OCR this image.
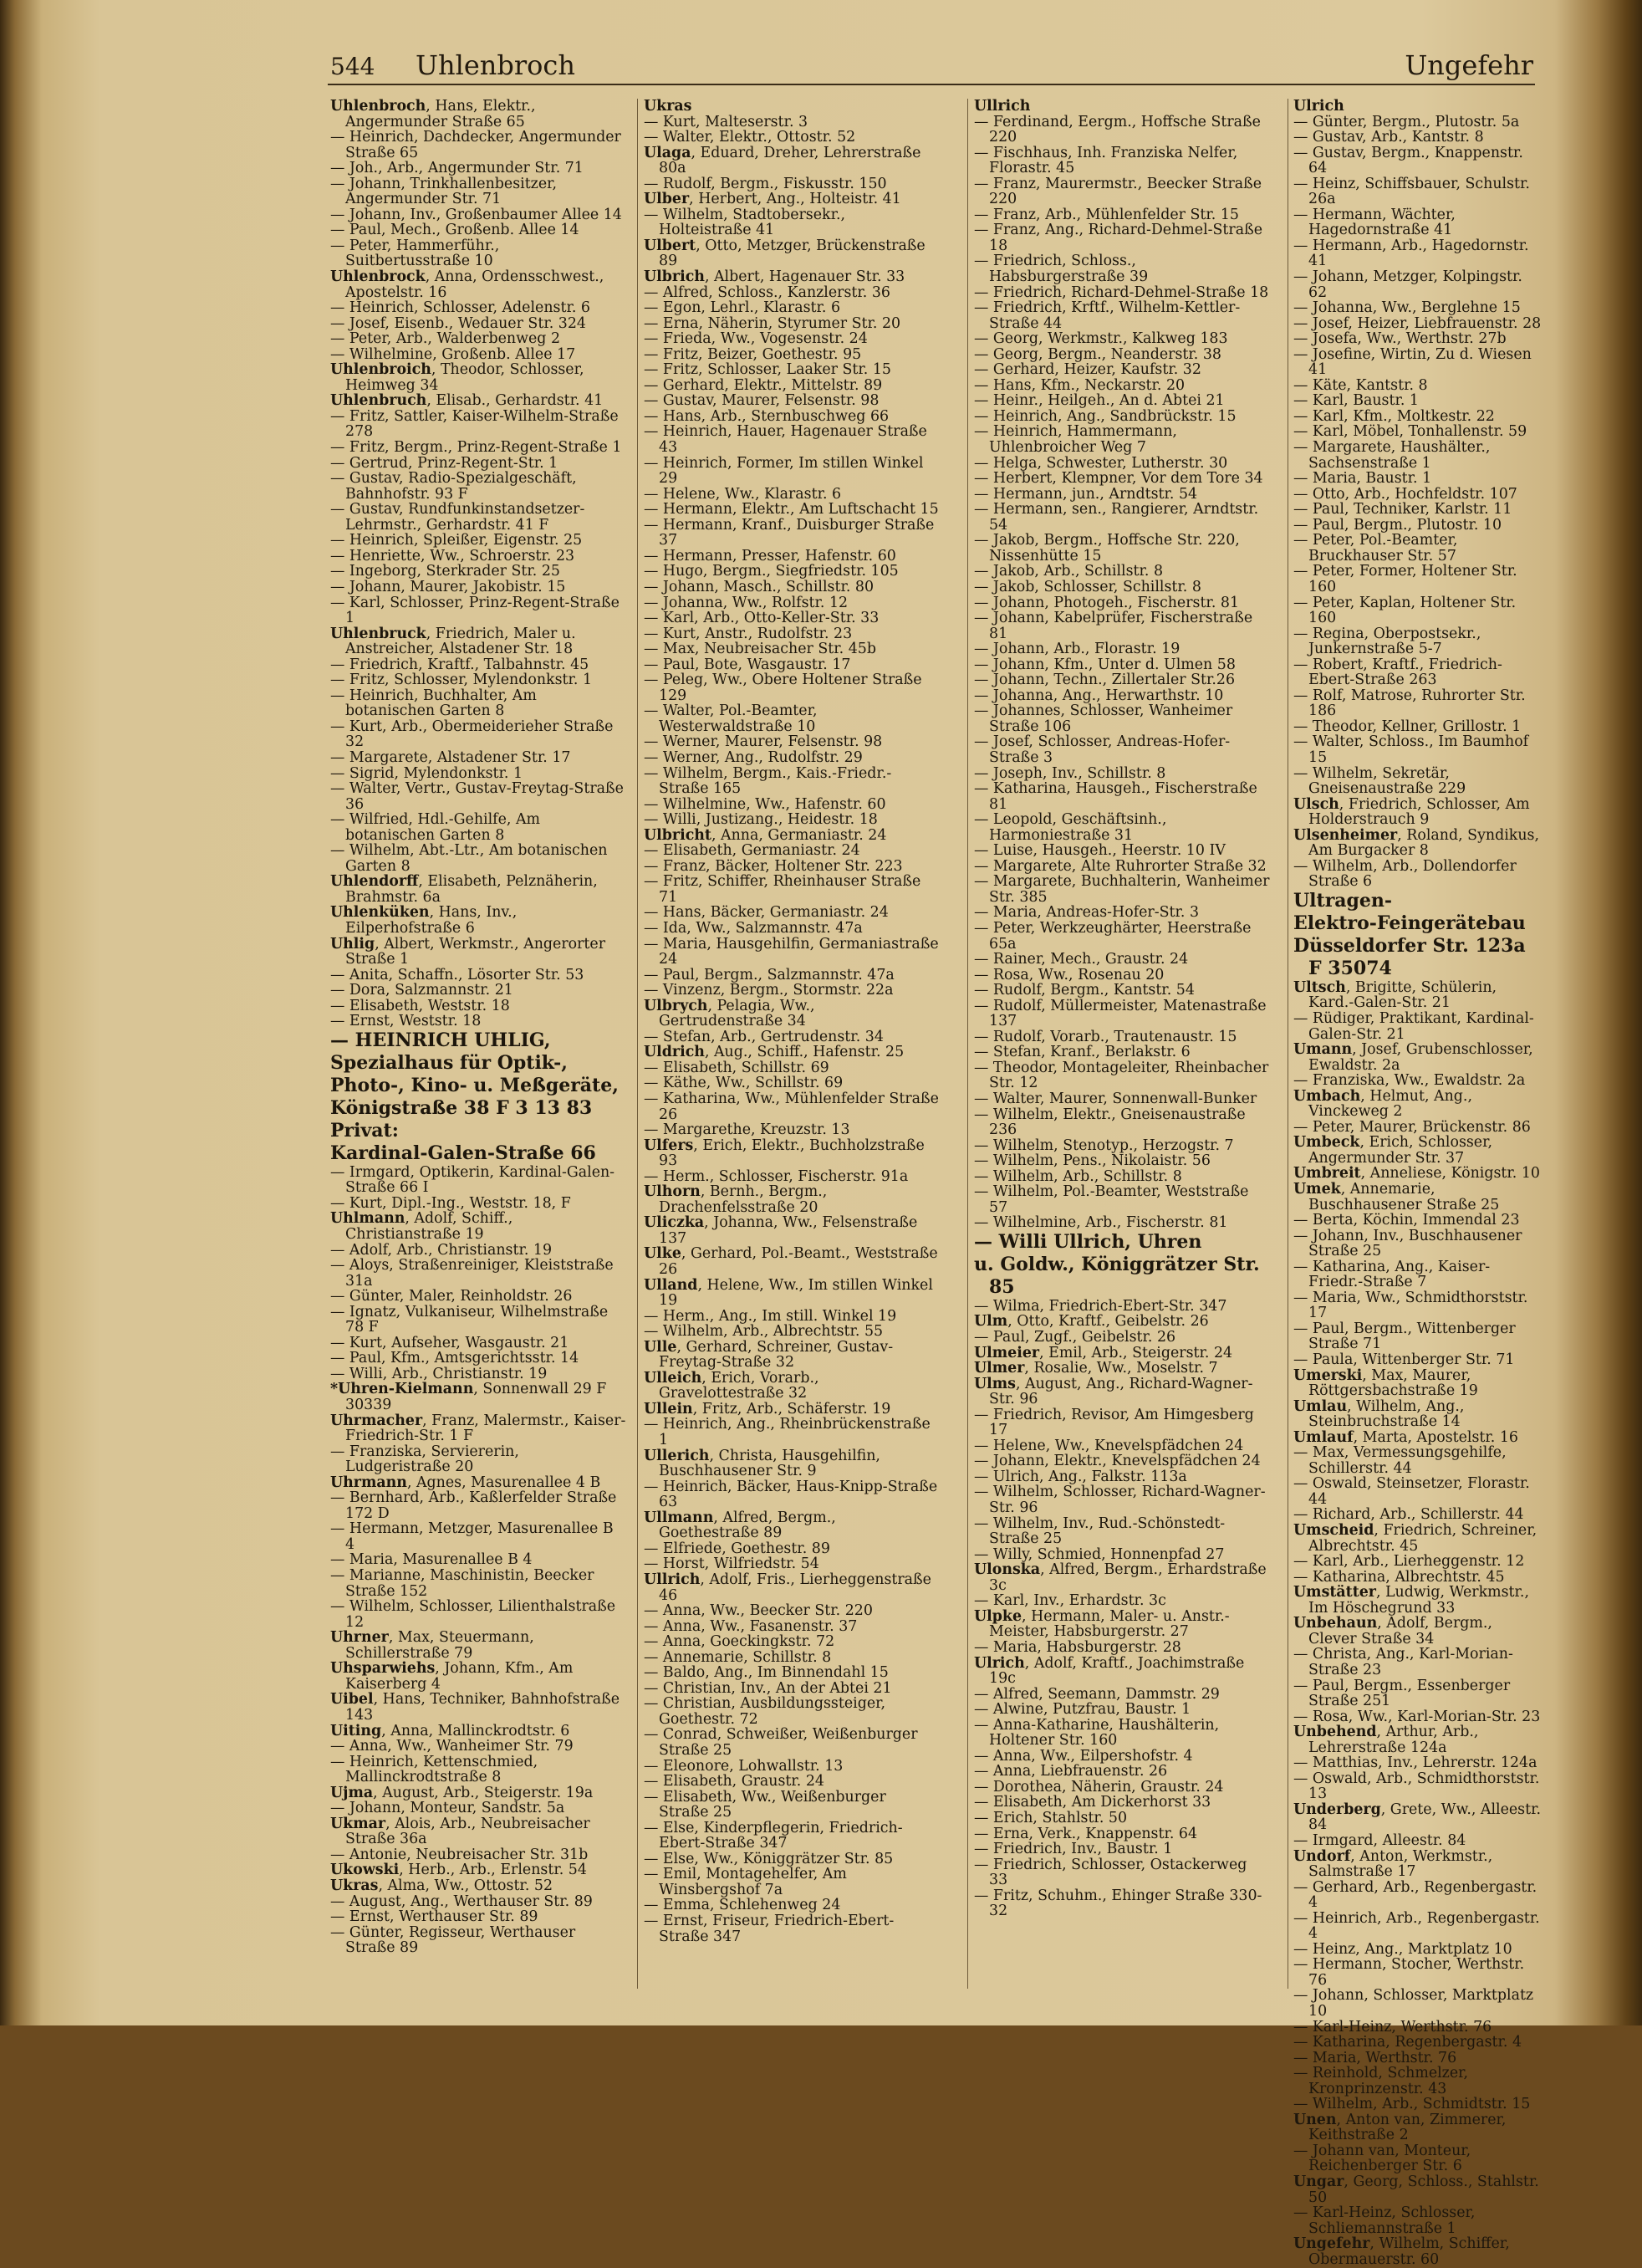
544 Uhlenbroch	Ungefehr

Uhlenbroch, Hans, Elektr., Angermunder Straße 65

— Heinrich, Dachdecker, Angermunder Straße 65

— Joh., Arb., Angermunder Str. 71

— Johann, Trinkhallenbesitzer, Angermunder Str. 71

— Johann, Inv., Großenbaumer Allee 14

— Paul, Mech., Großenb. Allee 14

— Peter, Hammerführ., Suitbertusstraße 10

Uhlenbrock, Anna, Ordensschwest., Apostelstr. 16

— Heinrich, Schlosser, Adelenstr. 6

— Josef, Eisenb., Wedauer Str. 324

— Peter, Arb., Walderbenweg 2

— Wilhelmine, Großenb. Allee 17

Uhlenbroich, Theodor, Schlosser, Heimweg 34

Uhlenbruch, Elisab., Gerhardstr. 41

— Fritz, Sattler, Kaiser-Wilhelm-Straße 278

— Fritz, Bergm., Prinz-Regent-Straße 1

— Gertrud, Prinz-Regent-Str. 1

— Gustav, Radio-Spezialgeschäft, Bahnhofstr. 93 F

— Gustav, Rundfunkinstandsetzer-Lehrmstr., Gerhardstr. 41 F

— Heinrich, Spleißer, Eigenstr. 25

— Henriette, Ww., Schroerstr. 23

— Ingeborg, Sterkrader Str. 25

— Johann, Maurer, Jakobistr. 15

— Karl, Schlosser, Prinz-Regent-Straße 1

Uhlenbruck, Friedrich, Maler u. Anstreicher, Alstadener Str. 18

— Friedrich, Kraftf., Talbahnstr. 45

— Fritz, Schlosser, Mylendonkstr. 1

— Heinrich, Buchhalter, Am botanischen Garten 8

— Kurt, Arb., Obermeiderieher Straße 32

— Margarete, Alstadener Str. 17

— Sigrid, Mylendonkstr. 1

— Walter, Vertr., Gustav-Freytag-Straße 36

— Wilfried, Hdl.-Gehilfe, Am botanischen Garten 8

— Wilhelm, Abt.-Ltr., Am botanischen Garten 8

Uhlendorff, Elisabeth, Pelznäherin, Brahmstr. 6a

Uhlenküken, Hans, Inv., Eilperhofstraße 6

Uhlig, Albert, Werkmstr., Angerorter Straße 1

— Anita, Schaffn., Lösorter Str. 53

— Dora, Salzmannstr. 21

— Elisabeth, Weststr. 18

— Ernst, Weststr. 18

— HEINRICH UHLIG,

Spezialhaus für Optik-,

Photo-, Kino- u. Meßgeräte,

Königstraße 38 F 3 13 83

Privat:

Kardinal-Galen-Straße 66

— Irmgard, Optikerin, Kardinal-Galen-Straße 66 I

— Kurt, Dipl.-Ing., Weststr. 18, F

Uhlmann, Adolf, Schiff., Christianstraße 19

— Adolf, Arb., Christianstr. 19

— Aloys, Straßenreiniger, Kleiststraße 31a

— Günter, Maler, Reinholdstr. 26

— Ignatz, Vulkaniseur, Wilhelmstraße 78 F

— Kurt, Aufseher, Wasgaustr. 21

— Paul, Kfm., Amtsgerichtsstr. 14

— Willi, Arb., Christianstr. 19

*Uhren-Kielmann, Sonnenwall 29 F 30339

Uhrmacher, Franz, Malermstr., Kaiser-Friedrich-Str. 1 F

— Franziska, Serviererin, Ludgeristraße 20

Uhrmann, Agnes, Masurenallee 4 B

— Bernhard, Arb., Kaßlerfelder Straße 172 D

— Hermann, Metzger, Masurenallee B 4

— Maria, Masurenallee B 4

— Marianne, Maschinistin, Beecker Straße 152

— Wilhelm, Schlosser, Lilienthalstraße 12

Uhrner, Max, Steuermann, Schillerstraße 79

Uhsparwiehs, Johann, Kfm., Am Kaiserberg 4

Uibel, Hans, Techniker, Bahnhofstraße 143

Uiting, Anna, Mallinckrodtstr. 6

— Anna, Ww., Wanheimer Str. 79

— Heinrich, Kettenschmied, Mallinckrodtstraße 8

Ujma, August, Arb., Steigerstr. 19a

— Johann, Monteur, Sandstr. 5a

Ukmar, Alois, Arb., Neubreisacher Straße 36a

— Antonie, Neubreisacher Str. 31b

Ukowski, Herb., Arb., Erlenstr. 54

Ukras, Alma, Ww., Ottostr. 52

— August, Ang., Werthauser Str. 89

— Ernst, Werthauser Str. 89

— Günter, Regisseur, Werthauser Straße 89

Ukras

— Kurt, Malteserstr. 3

— Walter, Elektr., Ottostr. 52

Ulaga, Eduard, Dreher, Lehrerstraße 80a

— Rudolf, Bergm., Fiskusstr. 150

Ulber, Herbert, Ang., Holteistr. 41

— Wilhelm, Stadtobersekr., Holteistraße 41

Ulbert, Otto, Metzger, Brückenstraße 89

Ulbrich, Albert, Hagenauer Str. 33

— Alfred, Schloss., Kanzlerstr. 36

— Egon, Lehrl., Klarastr. 6

— Erna, Näherin, Styrumer Str. 20

— Frieda, Ww., Vogesenstr. 24

— Fritz, Beizer, Goethestr. 95

— Fritz, Schlosser, Laaker Str. 15

— Gerhard, Elektr., Mittelstr. 89

— Gustav, Maurer, Felsenstr. 98

— Hans, Arb., Sternbuschweg 66

— Heinrich, Hauer, Hagenauer Straße 43

— Heinrich, Former, Im stillen Winkel 29

— Helene, Ww., Klarastr. 6

— Hermann, Elektr., Am Luftschacht 15

— Hermann, Kranf., Duisburger Straße 37

— Hermann, Presser, Hafenstr. 60

— Hugo, Bergm., Siegfriedstr. 105

— Johann, Masch., Schillstr. 80

— Johanna, Ww., Rolfstr. 12

— Karl, Arb., Otto-Keller-Str. 33

— Kurt, Anstr., Rudolfstr. 23

— Max, Neubreisacher Str. 45b

— Paul, Bote, Wasgaustr. 17

— Peleg, Ww., Obere Holtener Straße 129

— Walter, Pol.-Beamter, Westerwaldstraße 10

— Werner, Maurer, Felsenstr. 98

— Werner, Ang., Rudolfstr. 29

— Wilhelm, Bergm., Kais.-Friedr.-Straße 165

— Wilhelmine, Ww., Hafenstr. 60

— Willi, Justizang., Heidestr. 18

Ulbricht, Anna, Germaniastr. 24

— Elisabeth, Germaniastr. 24

— Franz, Bäcker, Holtener Str. 223

— Fritz, Schiffer, Rheinhauser Straße 71

— Hans, Bäcker, Germaniastr. 24

— Ida, Ww., Salzmannstr. 47a

— Maria, Hausgehilfin, Germaniastraße 24

— Paul, Bergm., Salzmannstr. 47a

— Vinzenz, Bergm., Stormstr. 22a

Ulbrych, Pelagia, Ww., Gertrudenstraße 34

— Stefan, Arb., Gertrudenstr. 34

Uldrich, Aug., Schiff., Hafenstr. 25

— Elisabeth, Schillstr. 69

— Käthe, Ww., Schillstr. 69

— Katharina, Ww., Mühlenfelder Straße 26

— Margarethe, Kreuzstr. 13

Ulfers, Erich, Elektr., Buchholzstraße 93

— Herm., Schlosser, Fischerstr. 91a

Ulhorn, Bernh., Bergm., Drachenfelsstraße 20

Uliczka, Johanna, Ww., Felsenstraße 137

Ulke, Gerhard, Pol.-Beamt., Weststraße 26

Ulland, Helene, Ww., Im stillen Winkel 19

— Herm., Ang., Im still. Winkel 19

— Wilhelm, Arb., Albrechtstr. 55

Ulle, Gerhard, Schreiner, Gustav-Freytag-Straße 32

Ulleich, Erich, Vorarb., Gravelottestraße 32

Ullein, Fritz, Arb., Schäferstr. 19

— Heinrich, Ang., Rheinbrückenstraße 1

Ullerich, Christa, Hausgehilfin, Buschhausener Str. 9

— Heinrich, Bäcker, Haus-Knipp-Straße 63

Ullmann, Alfred, Bergm., Goethestraße 89

— Elfriede, Goethestr. 89

— Horst, Wilfriedstr. 54

Ullrich, Adolf, Fris., Lierheggenstraße 46

— Anna, Ww., Beecker Str. 220

— Anna, Ww., Fasanenstr. 37

— Anna, Goeckingkstr. 72

— Annemarie, Schillstr. 8

— Baldo, Ang., Im Binnendahl 15

— Christian, Inv., An der Abtei 21

— Christian, Ausbildungssteiger, Goethestr. 72

— Conrad, Schweißer, Weißenburger Straße 25

— Eleonore, Lohwallstr. 13

— Elisabeth, Graustr. 24

— Elisabeth, Ww., Weißenburger Straße 25

— Else, Kinderpflegerin, Friedrich-Ebert-Straße 347

— Else, Ww., Königgrätzer Str. 85

— Emil, Montagehelfer, Am Winsbergshof 7a

— Emma, Schlehenweg 24

— Ernst, Friseur, Friedrich-Ebert-Straße 347

Ullrich

— Ferdinand, Eergm., Hoffsche Straße 220

— Fischhaus, Inh. Franziska Nelfer, Florastr. 45

— Franz, Maurermstr., Beecker Straße 220

— Franz, Arb., Mühlenfelder Str. 15

— Franz, Ang., Richard-Dehmel-Straße 18

— Friedrich, Schloss., Habsburgerstraße 39

— Friedrich, Richard-Dehmel-Straße 18

— Friedrich, Krftf., Wilhelm-Kettler-Straße 44

— Georg, Werkmstr., Kalkweg 183

— Georg, Bergm., Neanderstr. 38

— Gerhard, Heizer, Kaufstr. 32

— Hans, Kfm., Neckarstr. 20

— Heinr., Heilgeh., An d. Abtei 21

— Heinrich, Ang., Sandbrückstr. 15

— Heinrich, Hammermann, Uhlenbroicher Weg 7

— Helga, Schwester, Lutherstr. 30

— Herbert, Klempner, Vor dem Tore 34

— Hermann, jun., Arndtstr. 54

— Hermann, sen., Rangierer, Arndtstr. 54

— Jakob, Bergm., Hoffsche Str. 220, Nissenhütte 15

— Jakob, Arb., Schillstr. 8

— Jakob, Schlosser, Schillstr. 8

— Johann, Photogeh., Fischerstr. 81

— Johann, Kabelprüfer, Fischerstraße 81

— Johann, Arb., Florastr. 19

— Johann, Kfm., Unter d. Ulmen 58

— Johann, Techn., Zillertaler Str.26

— Johanna, Ang., Herwarthstr. 10

— Johannes, Schlosser, Wanheimer Straße 106

— Josef, Schlosser, Andreas-Hofer-Straße 3

— Joseph, Inv., Schillstr. 8

— Katharina, Hausgeh., Fischerstraße 81

— Leopold, Geschäftsinh., Harmoniestraße 31

— Luise, Hausgeh., Heerstr. 10 IV

— Margarete, Alte Ruhrorter Straße 32

— Margarete, Buchhalterin, Wanheimer Str. 385

— Maria, Andreas-Hofer-Str. 3

— Peter, Werkzeughärter, Heerstraße 65a

— Rainer, Mech., Graustr. 24

— Rosa, Ww., Rosenau 20

— Rudolf, Bergm., Kantstr. 54

— Rudolf, Müllermeister, Matenastraße 137

— Rudolf, Vorarb., Trautenaustr. 15

— Stefan, Kranf., Berlakstr. 6

— Theodor, Montageleiter, Rheinbacher Str. 12

— Walter, Maurer, Sonnenwall-Bunker

— Wilhelm, Elektr., Gneisenaustraße 236

— Wilhelm, Stenotyp., Herzogstr. 7

— Wilhelm, Pens., Nikolaistr. 56

— Wilhelm, Arb., Schillstr. 8

— Wilhelm, Pol.-Beamter, Weststraße 57

— Wilhelmine, Arb., Fischerstr. 81

— Willi Ullrich, Uhren

u. Goldw., Königgrätzer Str. 85

— Wilma, Friedrich-Ebert-Str. 347

Ulm, Otto, Kraftf., Geibelstr. 26

— Paul, Zugf., Geibelstr. 26

Ulmeier, Emil, Arb., Steigerstr. 24

Ulmer, Rosalie, Ww., Moselstr. 7

Ulms, August, Ang., Richard-Wagner-Str. 96

— Friedrich, Revisor, Am Himgesberg 17

— Helene, Ww., Knevelspfädchen 24

— Johann, Elektr., Knevelspfädchen 24

— Ulrich, Ang., Falkstr. 113a

— Wilhelm, Schlosser, Richard-Wagner-Str. 96

— Wilhelm, Inv., Rud.-Schönstedt-Straße 25

— Willy, Schmied, Honnenpfad 27

Ulonska, Alfred, Bergm., Erhardstraße 3c

— Karl, Inv., Erhardstr. 3c

Ulpke, Hermann, Maler- u. Anstr.-Meister, Habsburgerstr. 27

— Maria, Habsburgerstr. 28

Ulrich, Adolf, Kraftf., Joachimstraße 19c

— Alfred, Seemann, Dammstr. 29

— Alwine, Putzfrau, Baustr. 1

— Anna-Katharine, Haushälterin, Holtener Str. 160

— Anna, Ww., Eilpershofstr. 4

— Anna, Liebfrauenstr. 26

— Dorothea, Näherin, Graustr. 24

— Elisabeth, Am Dickerhorst 33

— Erich, Stahlstr. 50

— Erna, Verk., Knappenstr. 64

— Friedrich, Inv., Baustr. 1

— Friedrich, Schlosser, Ostackerweg 33

— Fritz, Schuhm., Ehinger Straße 330-32

Ulrich

— Günter, Bergm., Plutostr. 5a

— Gustav, Arb., Kantstr. 8

— Gustav, Bergm., Knappenstr. 64

— Heinz, Schiffsbauer, Schulstr. 26a

— Hermann, Wächter, Hagedornstraße 41

— Hermann, Arb., Hagedornstr. 41

— Johann, Metzger, Kolpingstr. 62

— Johanna, Ww., Berglehne 15

— Josef, Heizer, Liebfrauenstr. 28

— Josefa, Ww., Werthstr. 27b

— Josefine, Wirtin, Zu d. Wiesen 41

— Käte, Kantstr. 8

— Karl, Baustr. 1

— Karl, Kfm., Moltkestr. 22

— Karl, Möbel, Tonhallenstr. 59

— Margarete, Haushälter., Sachsenstraße 1

— Maria, Baustr. 1

— Otto, Arb., Hochfeldstr. 107

— Paul, Techniker, Karlstr. 11

— Paul, Bergm., Plutostr. 10

— Peter, Pol.-Beamter, Bruckhauser Str. 57

— Peter, Former, Holtener Str. 160

— Peter, Kaplan, Holtener Str. 160

— Regina, Oberpostsekr., Junkernstraße 5-7

— Robert, Kraftf., Friedrich-Ebert-Straße 263

— Rolf, Matrose, Ruhrorter Str. 186

— Theodor, Kellner, Grillostr. 1

— Walter, Schloss., Im Baumhof 15

— Wilhelm, Sekretär, Gneisenaustraße 229

Ulsch, Friedrich, Schlosser, Am Holderstrauch 9

Ulsenheimer, Roland, Syndikus, Am Burgacker 8

— Wilhelm, Arb., Dollendorfer Straße 6

Ultragen-

Elektro-Feingerätebau

Düsseldorfer Str. 123a F 35074

Ultsch, Brigitte, Schülerin, Kard.-Galen-Str. 21

— Rüdiger, Praktikant, Kardinal-Galen-Str. 21

Umann, Josef, Grubenschlosser, Ewaldstr. 2a

— Franziska, Ww., Ewaldstr. 2a

Umbach, Helmut, Ang., Vinckeweg 2

— Peter, Maurer, Brückenstr. 86

Umbeck, Erich, Schlosser, Angermunder Str. 37

Umbreit, Anneliese, Königstr. 10

Umek, Annemarie, Buschhausener Straße 25

— Berta, Köchin, Immendal 23

— Johann, Inv., Buschhausener Straße 25

— Katharina, Ang., Kaiser-Friedr.-Straße 7

— Maria, Ww., Schmidthorststr. 17

— Paul, Bergm., Wittenberger Straße 71

— Paula, Wittenberger Str. 71

Umerski, Max, Maurer, Röttgersbachstraße 19

Umlau, Wilhelm, Ang., Steinbruchstraße 14

Umlauf, Marta, Apostelstr. 16

— Max, Vermessungsgehilfe, Schillerstr. 44

— Oswald, Steinsetzer, Florastr. 44

— Richard, Arb., Schillerstr. 44

Umscheid, Friedrich, Schreiner, Albrechtstr. 45

— Karl, Arb., Lierheggenstr. 12

— Katharina, Albrechtstr. 45

Umstätter, Ludwig, Werkmstr., Im Höschegrund 33

Unbehaun, Adolf, Bergm., Clever Straße 34

— Christa, Ang., Karl-Morian-Straße 23

— Paul, Bergm., Essenberger Straße 251

— Rosa, Ww., Karl-Morian-Str. 23

Unbehend, Arthur, Arb., Lehrerstraße 124a

— Matthias, Inv., Lehrerstr. 124a

— Oswald, Arb., Schmidthorststr. 13

Underberg, Grete, Ww., Alleestr. 84

— Irmgard, Alleestr. 84

Undorf, Anton, Werkmstr., Salmstraße 17

— Gerhard, Arb., Regenbergastr. 4

— Heinrich, Arb., Regenbergastr. 4

— Heinz, Ang., Marktplatz 10

— Hermann, Stocher, Werthstr. 76

— Johann, Schlosser, Marktplatz 10

— Karl-Heinz, Werthstr. 76

— Katharina, Regenbergastr. 4

— Maria, Werthstr. 76

— Reinhold, Schmelzer, Kronprinzenstr. 43

— Wilhelm, Arb., Schmidtstr. 15

Unen, Anton van, Zimmerer, Keithstraße 2

— Johann van, Monteur, Reichenberger Str. 6

Ungar, Georg, Schloss., Stahlstr. 50

— Karl-Heinz, Schlosser, Schliemannstraße 1

Ungefehr, Wilhelm, Schiffer, Obermauerstr. 60
